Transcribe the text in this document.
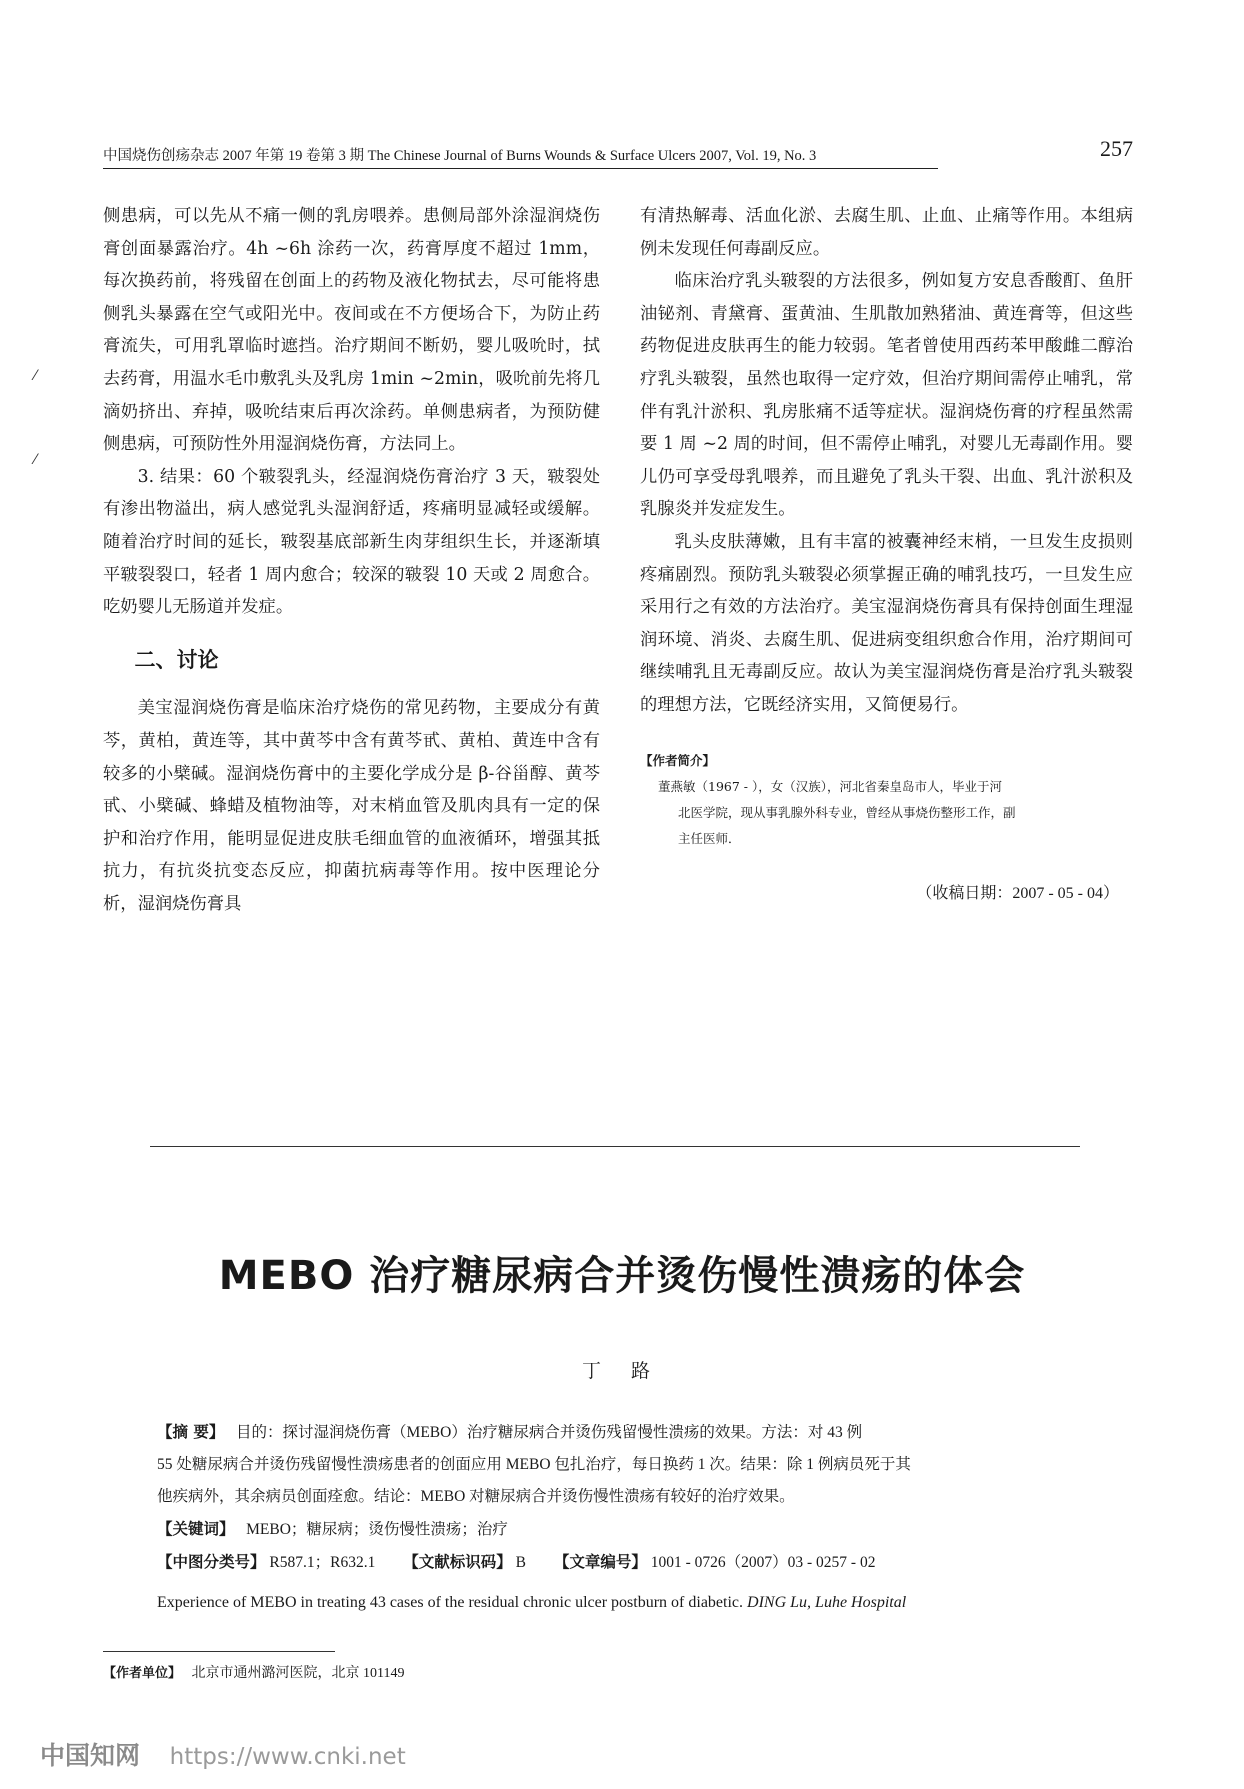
中国烧伤创疡杂志 2007 年第 19 卷第 3 期 The Chinese Journal of Burns Wounds & Surface Ulcers 2007, Vol. 19, No. 3	257

侧患病，可以先从不痛一侧的乳房喂养。患侧局部外涂湿润烧伤膏创面暴露治疗。4h ~6h 涂药一次，药膏厚度不超过 1mm，每次换药前，将残留在创面上的药物及液化物拭去，尽可能将患侧乳头暴露在空气或阳光中。夜间或在不方便场合下，为防止药膏流失，可用乳罩临时遮挡。治疗期间不断奶，婴儿吸吮时，拭去药膏，用温水毛巾敷乳头及乳房 1min ~2min，吸吮前先将几滴奶挤出、弃掉，吸吮结束后再次涂药。单侧患病者，为预防健侧患病，可预防性外用湿润烧伤膏，方法同上。

3. 结果：60 个皲裂乳头，经湿润烧伤膏治疗 3 天，皲裂处有渗出物溢出，病人感觉乳头湿润舒适，疼痛明显减轻或缓解。随着治疗时间的延长，皲裂基底部新生肉芽组织生长，并逐渐填平皲裂裂口，轻者 1 周内愈合；较深的皲裂 10 天或 2 周愈合。吃奶婴儿无肠道并发症。

二、讨论

美宝湿润烧伤膏是临床治疗烧伤的常见药物，主要成分有黄芩，黄柏，黄连等，其中黄芩中含有黄芩甙、黄柏、黄连中含有较多的小檗碱。湿润烧伤膏中的主要化学成分是 β-谷甾醇、黄芩甙、小檗碱、蜂蜡及植物油等，对末梢血管及肌肉具有一定的保护和治疗作用，能明显促进皮肤毛细血管的血液循环，增强其抵抗力，有抗炎抗变态反应，抑菌抗病毒等作用。按中医理论分析，湿润烧伤膏具

有清热解毒、活血化淤、去腐生肌、止血、止痛等作用。本组病例未发现任何毒副反应。

临床治疗乳头皲裂的方法很多，例如复方安息香酸酊、鱼肝油铋剂、青黛膏、蛋黄油、生肌散加熟猪油、黄连膏等，但这些药物促进皮肤再生的能力较弱。笔者曾使用西药苯甲酸雌二醇治疗乳头皲裂，虽然也取得一定疗效，但治疗期间需停止哺乳，常伴有乳汁淤积、乳房胀痛不适等症状。湿润烧伤膏的疗程虽然需要 1 周 ~2 周的时间，但不需停止哺乳，对婴儿无毒副作用。婴儿仍可享受母乳喂养，而且避免了乳头干裂、出血、乳汁淤积及乳腺炎并发症发生。

乳头皮肤薄嫩，且有丰富的被囊神经末梢，一旦发生皮损则疼痛剧烈。预防乳头皲裂必须掌握正确的哺乳技巧，一旦发生应采用行之有效的方法治疗。美宝湿润烧伤膏具有保持创面生理湿润环境、消炎、去腐生肌、促进病变组织愈合作用，治疗期间可继续哺乳且无毒副反应。故认为美宝湿润烧伤膏是治疗乳头皲裂的理想方法，它既经济实用，又简便易行。

【作者简介】
董燕敏（1967 - ），女（汉族），河北省秦皇岛市人，毕业于河
北医学院，现从事乳腺外科专业，曾经从事烧伤整形工作，副
主任医师．
（收稿日期：2007 - 05 - 04）
MEBO 治疗糖尿病合并烫伤慢性溃疡的体会
丁 路
【摘 要】 目的：探讨湿润烧伤膏（MEBO）治疗糖尿病合并烫伤残留慢性溃疡的效果。方法：对 43 例
55 处糖尿病合并烫伤残留慢性溃疡患者的创面应用 MEBO 包扎治疗，每日换药 1 次。结果：除 1 例病员死于其
他疾病外，其余病员创面痊愈。结论：MEBO 对糖尿病合并烫伤慢性溃疡有较好的治疗效果。
【关键词】 MEBO；糖尿病；烫伤慢性溃疡；治疗
【中图分类号】 R587.1；R632.1 【文献标识码】 B 【文章编号】 1001 - 0726（2007）03 - 0257 - 02
Experience of MEBO in treating 43 cases of the residual chronic ulcer postburn of diabetic. DING Lu, Luhe Hospital
【作者单位】 北京市通州潞河医院，北京 101149
中国知网 https://www.cnki.net
⁄
⁄
